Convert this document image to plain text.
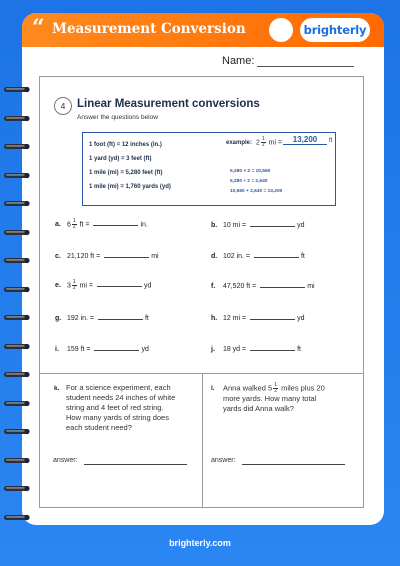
“ Measurement Conversion	brighterly
Name:
4	Linear Measurement conversions
Answer the questions below
1 foot (ft) = 12 inches (in.)
1 yard (yd) = 3 feet (ft)
1 mile (mi) = 5,280 feet (ft)
1 mile (mi) = 1,760 yards (yd)
example: $2 \frac{1}{2}$ mi =	13,200	ft
5,280 × 2 = 10,560
5,280 ÷ 2 = 2,640
10,560 + 2,640 = 13,200
a. $6 \frac{1}{2}$ ft =	in.	b. 10 mi =	yd
c. 21,120 ft =	mi	d. 102 in. =	ft
e. $3 \frac{1}{2}$ mi =	yd	f. 47,520 ft =	mi
g. 192 in. =	ft	h. 12 mi =	yd
i. 159 ft =	yd	j. 18 yd =	ft
k. For a science experiment, each
student needs 24 inches of white
string and 4 feet of red string.
How many yards of string does
each student need?
answer:
l. Anna walked $5 \frac{1}{2}$ miles plus 20
more yards. How many total
yards did Anna walk?
answer:
brighterly.com
